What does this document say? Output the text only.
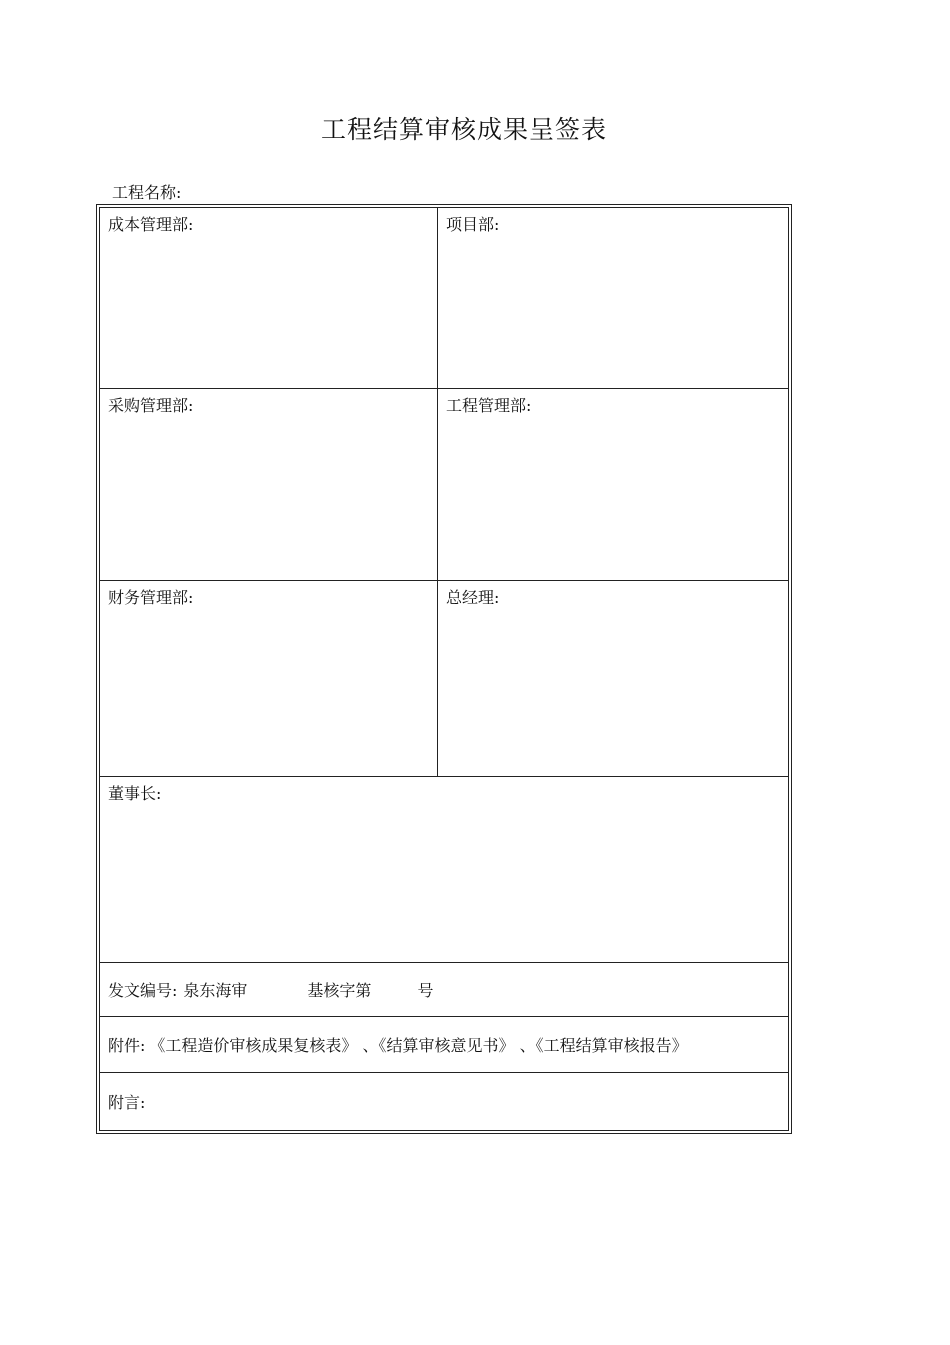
工程结算审核成果呈签表
工程名称:
成本管理部:	项目部:
采购管理部:	工程管理部:
财务管理部:	总经理:
董事长:
发文编号: 泉东海审	基核字第	号
附件: 《工程造价审核成果复核表》 、《结算审核意见书》 、《工程结算审核报告》
附言:
